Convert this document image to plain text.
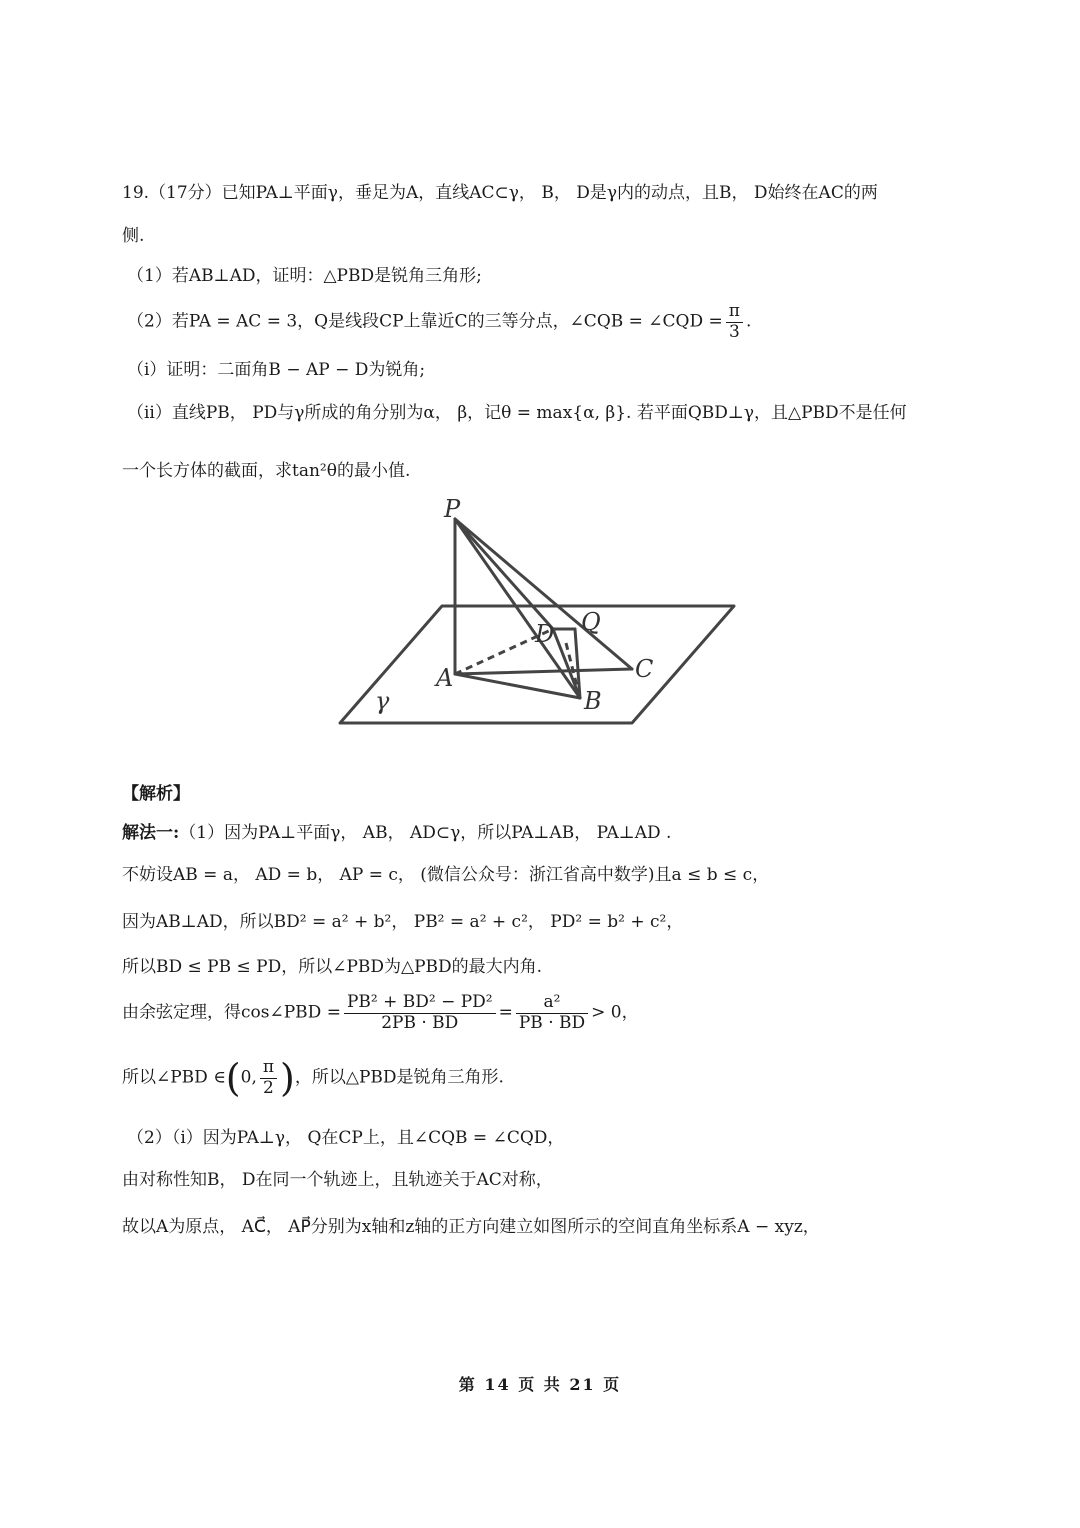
19.（17分）已知PA⊥平面γ，垂足为A，直线AC⊂γ， B， D是γ内的动点，且B， D始终在AC的两
侧.
（1）若AB⊥AD，证明：△PBD是锐角三角形;
（2）若PA = AC = 3，Q是线段CP上靠近C的三等分点，∠CQB = ∠CQD = $\frac{\pi}{3}$ .
（i）证明：二面角B − AP − D为锐角;
（ii）直线PB， PD与γ所成的角分别为α， β，记θ = max{α, β}. 若平面QBD⊥γ，且△PBD不是任何
一个长方体的截面，求tan²θ的最小值.
P
D Q
A	C
B
γ
【解析】
解法一:（1）因为PA⊥平面γ， AB， AD⊂γ，所以PA⊥AB， PA⊥AD .
不妨设AB = a， AD = b， AP = c， (微信公众号：浙江省高中数学)且a ≤ b ≤ c，
因为AB⊥AD，所以BD² = a² + b²， PB² = a² + c²， PD² = b² + c²，
所以BD ≤ PB ≤ PD，所以∠PBD为△PBD的最大内角.
由余弦定理，得cos∠PBD = $\frac{\text{PB² + BD² − PD²}}{2PB \cdot BD} = \frac{\text{a²}}{PB \cdot BD} > 0$，
所以∠PBD ∈(0, $\frac{\pi}{2}$ )，所以△PBD是锐角三角形.
（2）（i）因为PA⊥γ， Q在CP上，且∠CQB = ∠CQD，
由对称性知B， D在同一个轨迹上，且轨迹关于AC对称，
故以A为原点， AC⃗， AP⃗分别为x轴和z轴的正方向建立如图所示的空间直角坐标系A − xyz，
第 14 页 共 21 页
